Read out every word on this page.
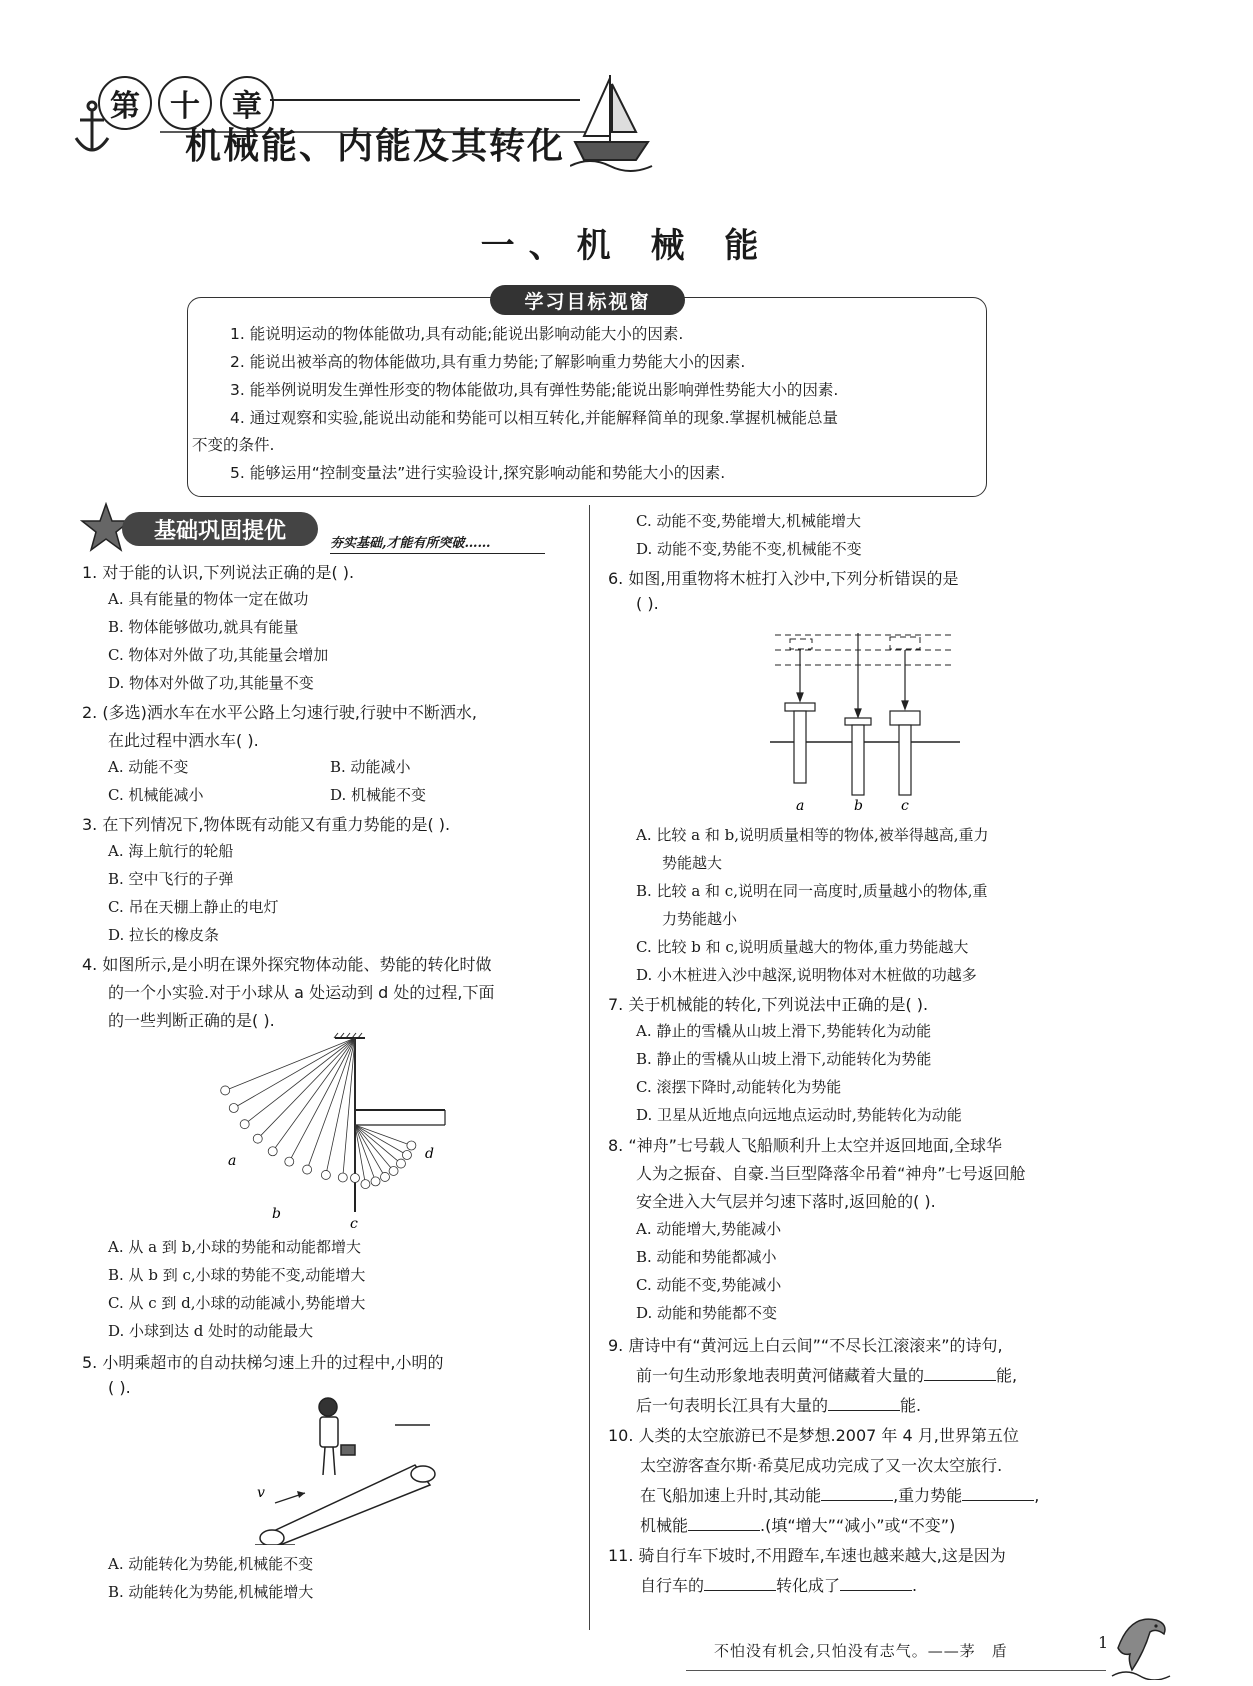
第	十	章
机械能、内能及其转化
一、机 械 能
学习目标视窗
1. 能说明运动的物体能做功,具有动能;能说出影响动能大小的因素.
2. 能说出被举高的物体能做功,具有重力势能;了解影响重力势能大小的因素.
3. 能举例说明发生弹性形变的物体能做功,具有弹性势能;能说出影响弹性势能大小的因素.
4. 通过观察和实验,能说出动能和势能可以相互转化,并能解释简单的现象.掌握机械能总量
不变的条件.
5. 能够运用“控制变量法”进行实验设计,探究影响动能和势能大小的因素.
基础巩固提优	夯实基础,才能有所突破……
1. 对于能的认识,下列说法正确的是( ).
A. 具有能量的物体一定在做功
B. 物体能够做功,就具有能量
C. 物体对外做了功,其能量会增加
D. 物体对外做了功,其能量不变
2. (多选)洒水车在水平公路上匀速行驶,行驶中不断洒水,
在此过程中洒水车( ).
A. 动能不变	B. 动能减小
C. 机械能减小	D. 机械能不变
3. 在下列情况下,物体既有动能又有重力势能的是( ).
A. 海上航行的轮船
B. 空中飞行的子弹
C. 吊在天棚上静止的电灯
D. 拉长的橡皮条
4. 如图所示,是小明在课外探究物体动能、势能的转化时做
的一个小实验.对于小球从 a 处运动到 d 处的过程,下面
的一些判断正确的是( ).
a
b
c
d
A. 从 a 到 b,小球的势能和动能都增大
B. 从 b 到 c,小球的势能不变,动能增大
C. 从 c 到 d,小球的动能减小,势能增大
D. 小球到达 d 处时的动能最大
5. 小明乘超市的自动扶梯匀速上升的过程中,小明的
( ).
v
A. 动能转化为势能,机械能不变
B. 动能转化为势能,机械能增大
C. 动能不变,势能增大,机械能增大
D. 动能不变,势能不变,机械能不变
6. 如图,用重物将木桩打入沙中,下列分析错误的是
( ).
a	b	c
A. 比较 a 和 b,说明质量相等的物体,被举得越高,重力
势能越大
B. 比较 a 和 c,说明在同一高度时,质量越小的物体,重
力势能越小
C. 比较 b 和 c,说明质量越大的物体,重力势能越大
D. 小木桩进入沙中越深,说明物体对木桩做的功越多
7. 关于机械能的转化,下列说法中正确的是( ).
A. 静止的雪橇从山坡上滑下,势能转化为动能
B. 静止的雪橇从山坡上滑下,动能转化为势能
C. 滚摆下降时,动能转化为势能
D. 卫星从近地点向远地点运动时,势能转化为动能
8. “神舟”七号载人飞船顺利升上太空并返回地面,全球华
人为之振奋、自豪.当巨型降落伞吊着“神舟”七号返回舱
安全进入大气层并匀速下落时,返回舱的( ).
A. 动能增大,势能减小
B. 动能和势能都减小
C. 动能不变,势能减小
D. 动能和势能都不变
9. 唐诗中有“黄河远上白云间”“不尽长江滚滚来”的诗句,
前一句生动形象地表明黄河储藏着大量的	能,
后一句表明长江具有大量的	能.
10. 人类的太空旅游已不是梦想.2007 年 4 月,世界第五位
太空游客查尔斯·希莫尼成功完成了又一次太空旅行.
在飞船加速上升时,其动能	,重力势能	,
机械能	.(填“增大”“减小”或“不变”)
11. 骑自行车下坡时,不用蹬车,车速也越来越大,这是因为
自行车的	转化成了	.
不怕没有机会,只怕没有志气。——茅　盾	1
